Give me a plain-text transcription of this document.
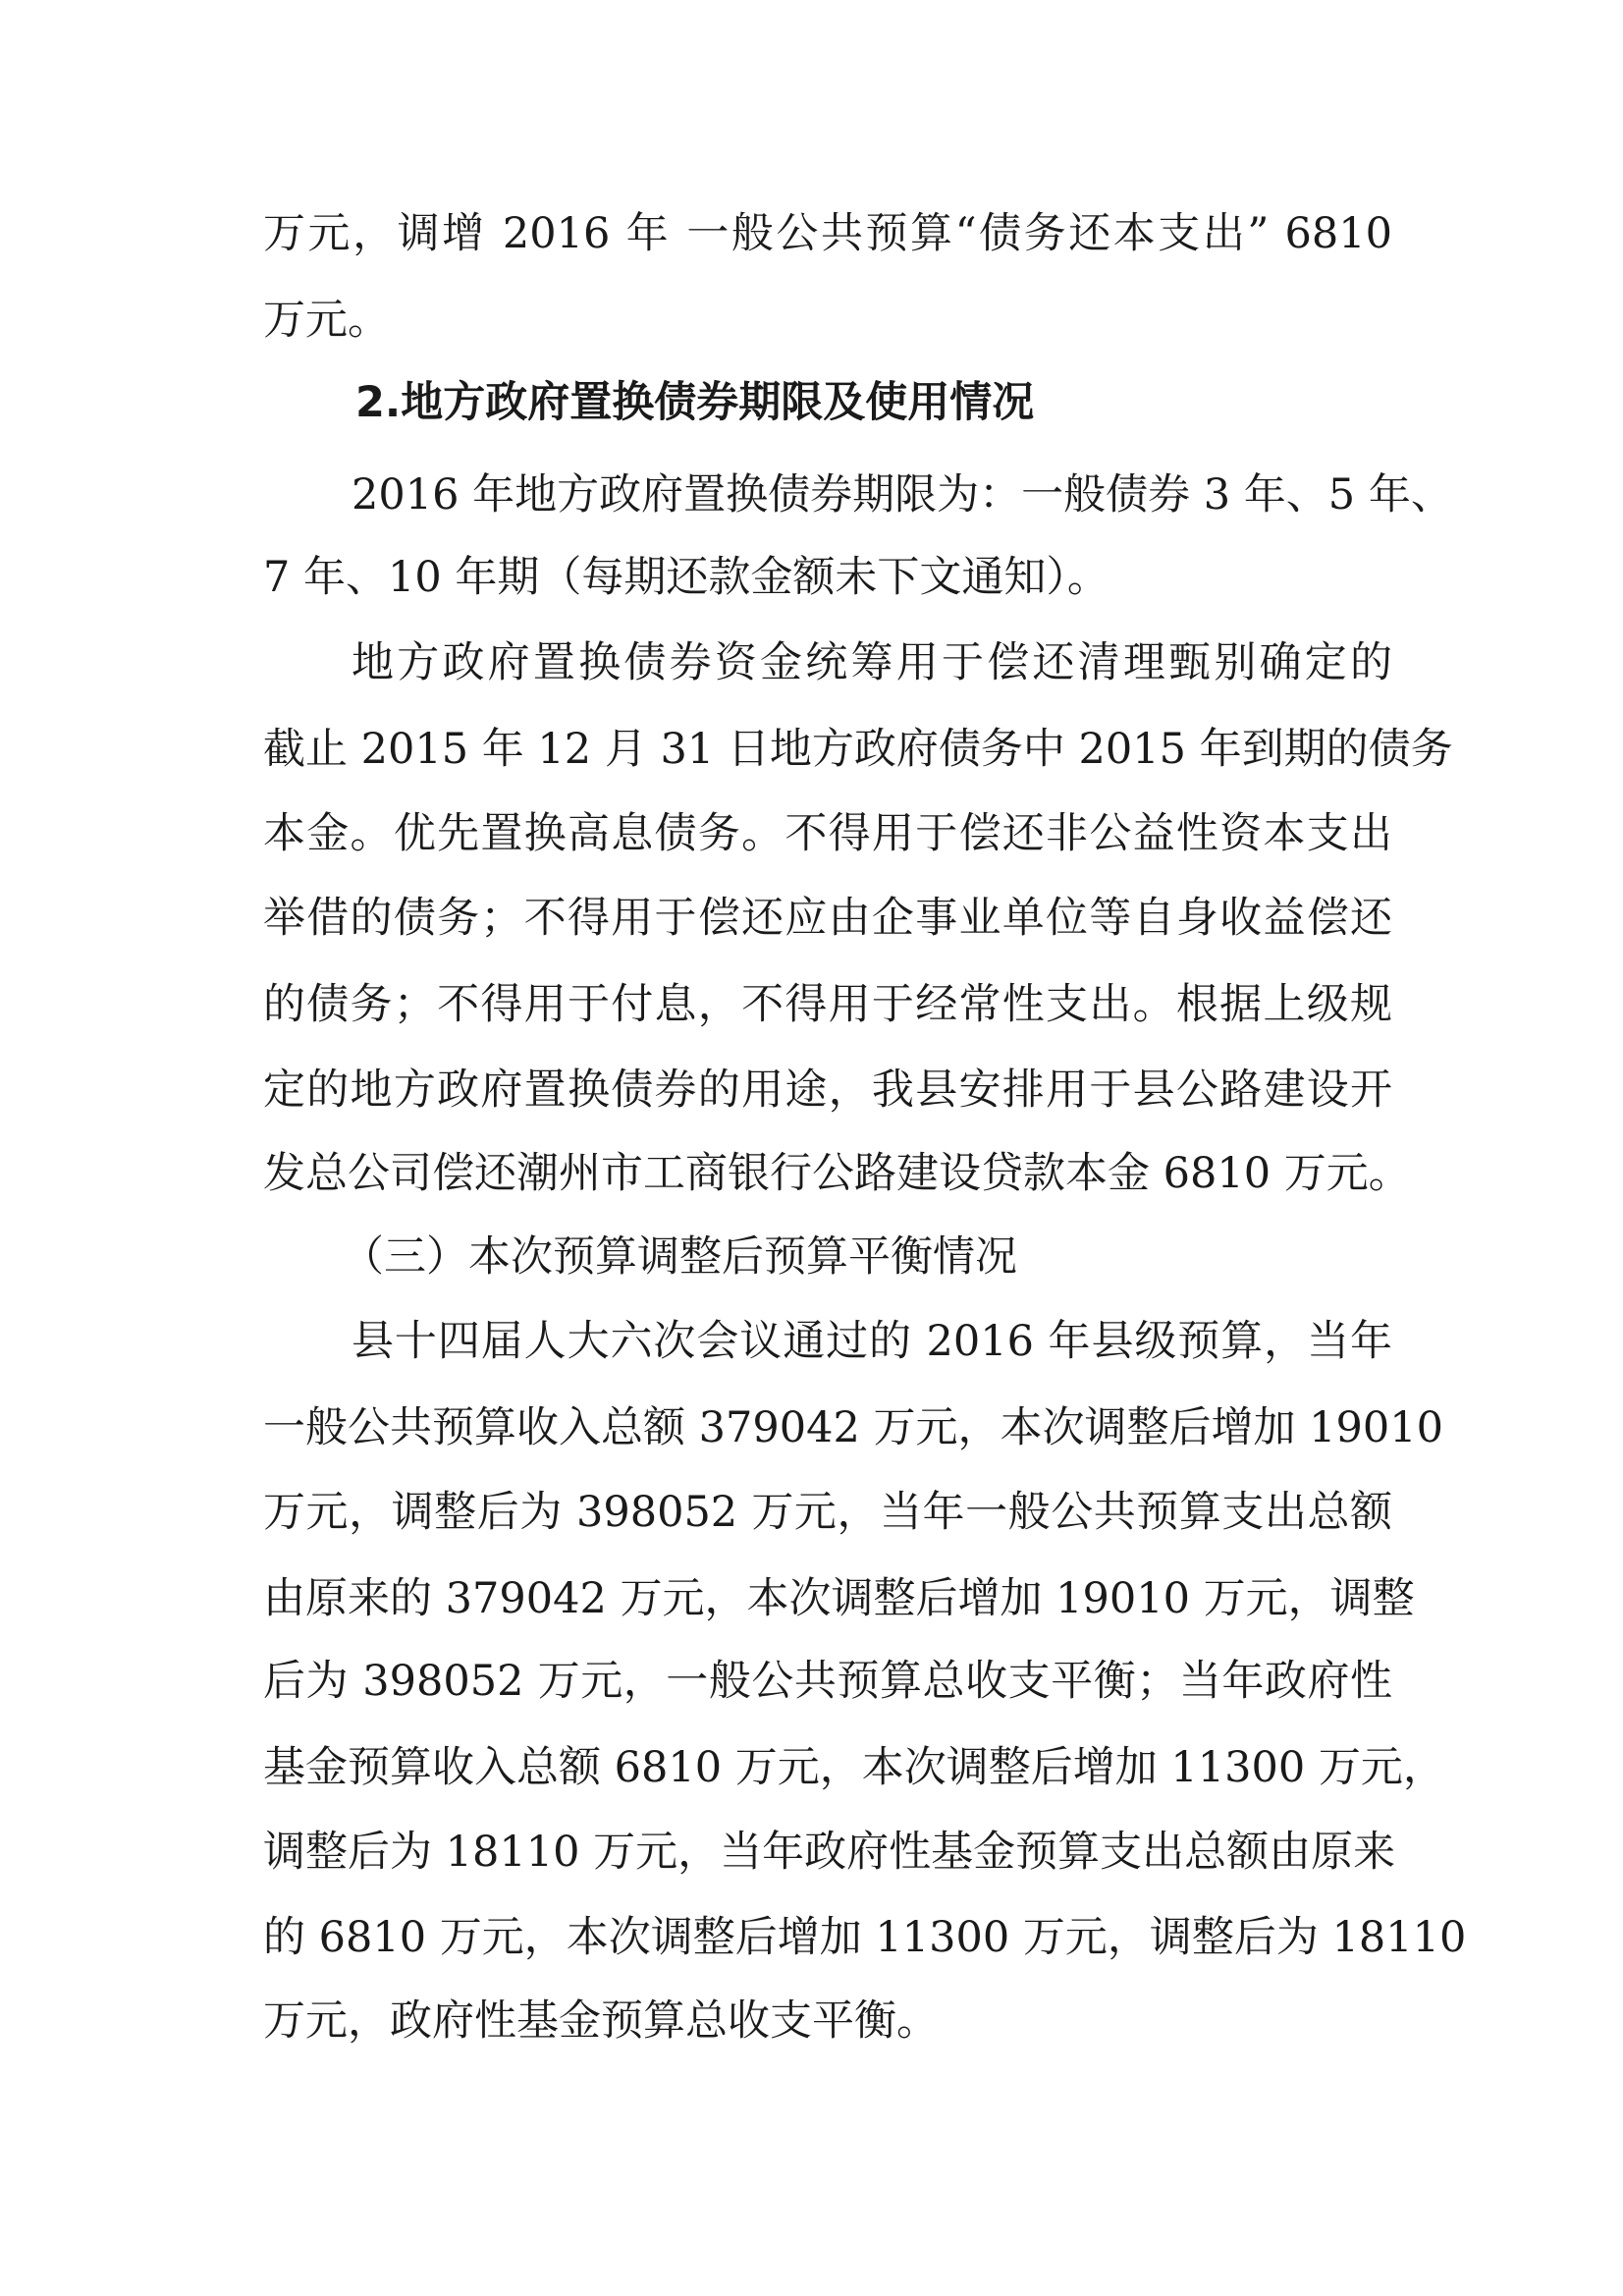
万元，调增 2016 年 一般公共预算“债务还本支出” 6810
万元。
2.地方政府置换债券期限及使用情况
2016 年地方政府置换债券期限为：一般债券 3 年、5 年、
7 年、10 年期（每期还款金额未下文通知）。
地方政府置换债券资金统筹用于偿还清理甄别确定的
截止 2015 年 12 月 31 日地方政府债务中 2015 年到期的债务
本金。优先置换高息债务。不得用于偿还非公益性资本支出
举借的债务；不得用于偿还应由企事业单位等自身收益偿还
的债务；不得用于付息，不得用于经常性支出。根据上级规
定的地方政府置换债券的用途，我县安排用于县公路建设开
发总公司偿还潮州市工商银行公路建设贷款本金 6810 万元。
（三）本次预算调整后预算平衡情况
县十四届人大六次会议通过的 2016 年县级预算，当年
一般公共预算收入总额 379042 万元，本次调整后增加 19010
万元，调整后为 398052 万元，当年一般公共预算支出总额
由原来的 379042 万元，本次调整后增加 19010 万元，调整
后为 398052 万元，一般公共预算总收支平衡；当年政府性
基金预算收入总额 6810 万元，本次调整后增加 11300 万元，
调整后为 18110 万元，当年政府性基金预算支出总额由原来
的 6810 万元，本次调整后增加 11300 万元，调整后为 18110
万元，政府性基金预算总收支平衡。
